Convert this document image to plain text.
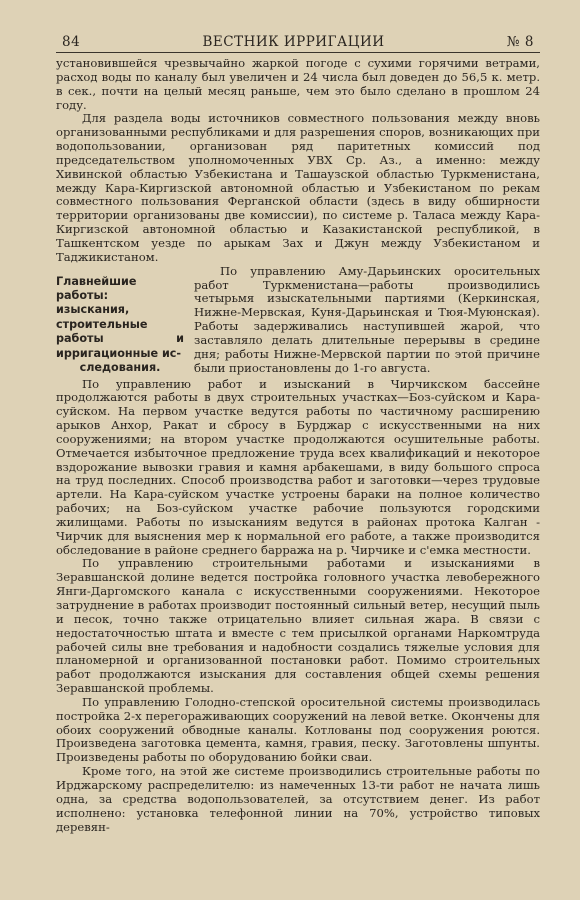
84	ВЕСТНИК ИРРИГАЦИИ	№ 8

установившейся чрезвычайно жаркой погоде с сухими горячими ветрами, расход воды по каналу был увеличен и 24 числа был доведен до 56,5 к. метр. в сек., почти на целый месяц раньше, чем это было сделано в прошлом 24 году.

Для раздела воды источников совместного пользования между вновь организованными республиками и для разрешения споров, возникающих при водопользовании, организован ряд паритетных комиссий под председательством уполномоченных УВХ Ср. Аз., а именно: между Хивинской областью Узбекистана и Ташаузской областью Туркменистана, между Кара-Киргизской автономной областью и Узбекистаном по рекам совместного пользования Ферганской области (здесь в виду обширности территории организованы две комиссии), по системе р. Таласа между Кара-Киргизской автономной областью и Казакистанской республикой, в Ташкентском уезде по арыкам Зах и Джун между Узбекистаном и Таджикистаном.

Главнейшие работы: изыскания, строительные работы и ирригационные ис-
следования.

По управлению Аму-Дарьинских оросительных работ Туркменистана—работы производились четырьмя изыскательными партиями (Керкинская, Нижне-Мервская, Куня-Дарьинская и Тюя-Муюнская). Работы задерживались наступившей жарой, что заставляло делать длительные перерывы в средине дня; работы Нижне-Мервской партии по этой причине были приостановлены до 1-го августа.

По управлению работ и изысканий в Чирчикском бассейне продолжаются работы в двух строительных участках—Боз-суйском и Кара-суйском. На первом участке ведутся работы по частичному расширению арыков Анхор, Ракат и сбросу в Бурджар с искусственными на них сооружениями; на втором участке продолжаются осушительные работы. Отмечается избыточное предложение труда всех квалификаций и некоторое вздорожание вывозки гравия и камня арбакешами, в виду большого спроса на труд последних. Способ производства работ и заготовки—через трудовые артели. На Кара-суйском участке устроены бараки на полное количество рабочих; на Боз-суйском участке рабочие пользуются городскими жилищами. Работы по изысканиям ведутся в районах протока Калган - Чирчик для выяснения мер к нормальной его работе, а также производится обследование в районе среднего барража на р. Чирчике и с'емка местности.

По управлению строительными работами и изысканиями в Зеравшанской долине ведется постройка головного участка левобережного Янги-Даргомского канала с искусственными сооружениями. Некоторое затруднение в работах производит постоянный сильный ветер, несущий пыль и песок, точно также отрицательно влияет сильная жара. В связи с недостаточностью штата и вместе с тем присылкой органами Наркомтруда рабочей силы вне требования и надобности создались тяжелые условия для планомерной и организованной постановки работ. Помимо строительных работ продолжаются изыскания для составления общей схемы решения Зеравшанской проблемы.

По управлению Голодно-степской оросительной системы производилась постройка 2-х перегораживающих сооружений на левой ветке. Окончены для обоих сооружений обводные каналы. Котлованы под сооружения роются. Произведена заготовка цемента, камня, гравия, песку. Заготовлены шпунты. Произведены работы по оборудованию бойки сваи.

Кроме того, на этой же системе производились строительные работы по Ирджарскому распределителю: из намеченных 13-ти работ не начата лишь одна, за средства водопользователей, за отсутствием денег. Из работ исполнено: установка телефонной линии на 70%, устройство типовых деревян-
